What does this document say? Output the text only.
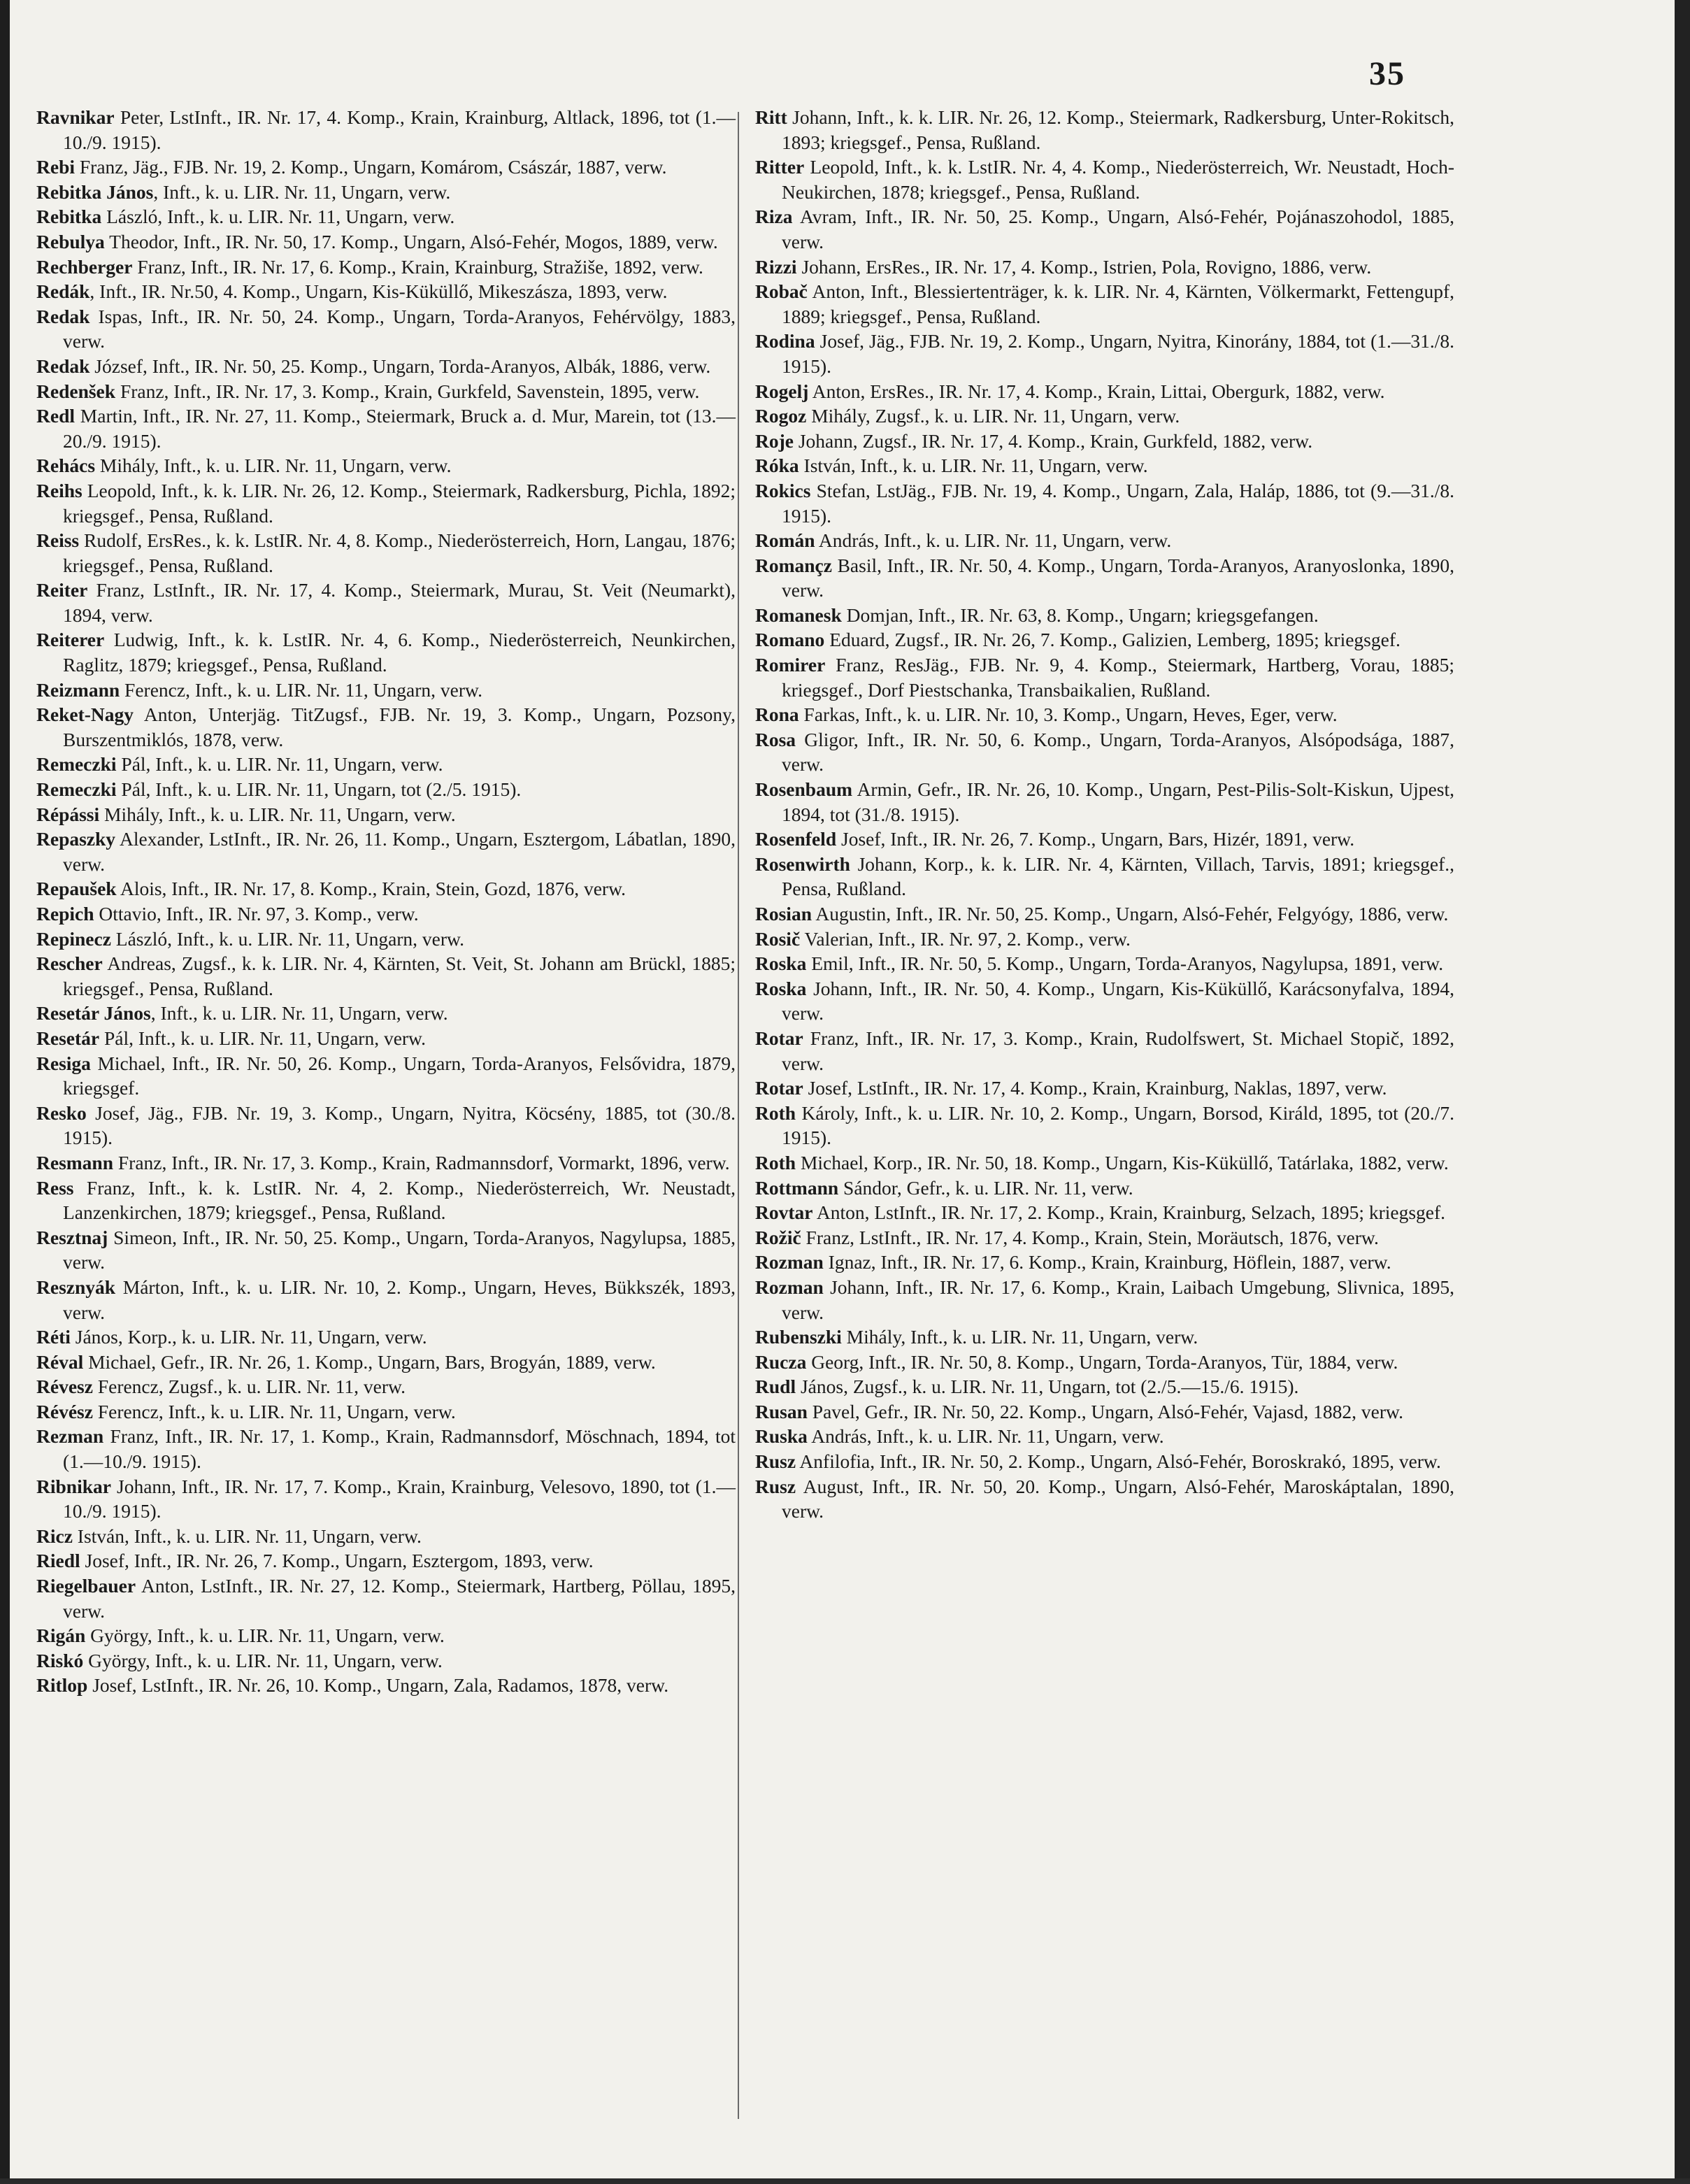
35

Ravnikar Peter, LstInft., IR. Nr. 17, 4. Komp., Krain, Krainburg, Altlack, 1896, tot (1.—10./9. 1915).

Rebi Franz, Jäg., FJB. Nr. 19, 2. Komp., Ungarn, Komárom, Császár, 1887, verw.

Rebitka János, Inft., k. u. LIR. Nr. 11, Ungarn, verw.

Rebitka László, Inft., k. u. LIR. Nr. 11, Ungarn, verw.

Rebulya Theodor, Inft., IR. Nr. 50, 17. Komp., Ungarn, Alsó-Fehér, Mogos, 1889, verw.

Rechberger Franz, Inft., IR. Nr. 17, 6. Komp., Krain, Krainburg, Stražiše, 1892, verw.

Redák, Inft., IR. Nr.50, 4. Komp., Ungarn, Kis-Küküllő, Mikeszásza, 1893, verw.

Redak Ispas, Inft., IR. Nr. 50, 24. Komp., Ungarn, Torda-Aranyos, Fehérvölgy, 1883, verw.

Redak József, Inft., IR. Nr. 50, 25. Komp., Ungarn, Torda-Aranyos, Albák, 1886, verw.

Redenšek Franz, Inft., IR. Nr. 17, 3. Komp., Krain, Gurkfeld, Savenstein, 1895, verw.

Redl Martin, Inft., IR. Nr. 27, 11. Komp., Steiermark, Bruck a. d. Mur, Marein, tot (13.—20./9. 1915).

Rehács Mihály, Inft., k. u. LIR. Nr. 11, Ungarn, verw.

Reihs Leopold, Inft., k. k. LIR. Nr. 26, 12. Komp., Steiermark, Radkersburg, Pichla, 1892; kriegsgef., Pensa, Rußland.

Reiss Rudolf, ErsRes., k. k. LstIR. Nr. 4, 8. Komp., Niederösterreich, Horn, Langau, 1876; kriegsgef., Pensa, Rußland.

Reiter Franz, LstInft., IR. Nr. 17, 4. Komp., Steiermark, Murau, St. Veit (Neumarkt), 1894, verw.

Reiterer Ludwig, Inft., k. k. LstIR. Nr. 4, 6. Komp., Niederösterreich, Neunkirchen, Raglitz, 1879; kriegsgef., Pensa, Rußland.

Reizmann Ferencz, Inft., k. u. LIR. Nr. 11, Ungarn, verw.

Reket-Nagy Anton, Unterjäg. TitZugsf., FJB. Nr. 19, 3. Komp., Ungarn, Pozsony, Burszentmiklós, 1878, verw.

Remeczki Pál, Inft., k. u. LIR. Nr. 11, Ungarn, verw.

Remeczki Pál, Inft., k. u. LIR. Nr. 11, Ungarn, tot (2./5. 1915).

Répássi Mihály, Inft., k. u. LIR. Nr. 11, Ungarn, verw.

Repaszky Alexander, LstInft., IR. Nr. 26, 11. Komp., Ungarn, Esztergom, Lábatlan, 1890, verw.

Repaušek Alois, Inft., IR. Nr. 17, 8. Komp., Krain, Stein, Gozd, 1876, verw.

Repich Ottavio, Inft., IR. Nr. 97, 3. Komp., verw.

Repinecz László, Inft., k. u. LIR. Nr. 11, Ungarn, verw.

Rescher Andreas, Zugsf., k. k. LIR. Nr. 4, Kärnten, St. Veit, St. Johann am Brückl, 1885; kriegsgef., Pensa, Rußland.

Resetár János, Inft., k. u. LIR. Nr. 11, Ungarn, verw.

Resetár Pál, Inft., k. u. LIR. Nr. 11, Ungarn, verw.

Resiga Michael, Inft., IR. Nr. 50, 26. Komp., Ungarn, Torda-Aranyos, Felsővidra, 1879, kriegsgef.

Resko Josef, Jäg., FJB. Nr. 19, 3. Komp., Ungarn, Nyitra, Köcsény, 1885, tot (30./8. 1915).

Resmann Franz, Inft., IR. Nr. 17, 3. Komp., Krain, Radmannsdorf, Vormarkt, 1896, verw.

Ress Franz, Inft., k. k. LstIR. Nr. 4, 2. Komp., Niederösterreich, Wr. Neustadt, Lanzenkirchen, 1879; kriegsgef., Pensa, Rußland.

Resztnaj Simeon, Inft., IR. Nr. 50, 25. Komp., Ungarn, Torda-Aranyos, Nagylupsa, 1885, verw.

Resznyák Márton, Inft., k. u. LIR. Nr. 10, 2. Komp., Ungarn, Heves, Bükkszék, 1893, verw.

Réti János, Korp., k. u. LIR. Nr. 11, Ungarn, verw.

Réval Michael, Gefr., IR. Nr. 26, 1. Komp., Ungarn, Bars, Brogyán, 1889, verw.

Révesz Ferencz, Zugsf., k. u. LIR. Nr. 11, verw.

Révész Ferencz, Inft., k. u. LIR. Nr. 11, Ungarn, verw.

Rezman Franz, Inft., IR. Nr. 17, 1. Komp., Krain, Radmannsdorf, Möschnach, 1894, tot (1.—10./9. 1915).

Ribnikar Johann, Inft., IR. Nr. 17, 7. Komp., Krain, Krainburg, Velesovo, 1890, tot (1.—10./9. 1915).

Ricz István, Inft., k. u. LIR. Nr. 11, Ungarn, verw.

Riedl Josef, Inft., IR. Nr. 26, 7. Komp., Ungarn, Esztergom, 1893, verw.

Riegelbauer Anton, LstInft., IR. Nr. 27, 12. Komp., Steiermark, Hartberg, Pöllau, 1895, verw.

Rigán György, Inft., k. u. LIR. Nr. 11, Ungarn, verw.

Riskó György, Inft., k. u. LIR. Nr. 11, Ungarn, verw.

Ritlop Josef, LstInft., IR. Nr. 26, 10. Komp., Ungarn, Zala, Radamos, 1878, verw.

Ritt Johann, Inft., k. k. LIR. Nr. 26, 12. Komp., Steiermark, Radkersburg, Unter-Rokitsch, 1893; kriegsgef., Pensa, Rußland.

Ritter Leopold, Inft., k. k. LstIR. Nr. 4, 4. Komp., Niederösterreich, Wr. Neustadt, Hoch-Neukirchen, 1878; kriegsgef., Pensa, Rußland.

Riza Avram, Inft., IR. Nr. 50, 25. Komp., Ungarn, Alsó-Fehér, Pojánaszohodol, 1885, verw.

Rizzi Johann, ErsRes., IR. Nr. 17, 4. Komp., Istrien, Pola, Rovigno, 1886, verw.

Robač Anton, Inft., Blessiertenträger, k. k. LIR. Nr. 4, Kärnten, Völkermarkt, Fettengupf, 1889; kriegsgef., Pensa, Rußland.

Rodina Josef, Jäg., FJB. Nr. 19, 2. Komp., Ungarn, Nyitra, Kinorány, 1884, tot (1.—31./8. 1915).

Rogelj Anton, ErsRes., IR. Nr. 17, 4. Komp., Krain, Littai, Obergurk, 1882, verw.

Rogoz Mihály, Zugsf., k. u. LIR. Nr. 11, Ungarn, verw.

Roje Johann, Zugsf., IR. Nr. 17, 4. Komp., Krain, Gurkfeld, 1882, verw.

Róka István, Inft., k. u. LIR. Nr. 11, Ungarn, verw.

Rokics Stefan, LstJäg., FJB. Nr. 19, 4. Komp., Ungarn, Zala, Haláp, 1886, tot (9.—31./8. 1915).

Román András, Inft., k. u. LIR. Nr. 11, Ungarn, verw.

Romançz Basil, Inft., IR. Nr. 50, 4. Komp., Ungarn, Torda-Aranyos, Aranyoslonka, 1890, verw.

Romanesk Domjan, Inft., IR. Nr. 63, 8. Komp., Ungarn; kriegsgefangen.

Romano Eduard, Zugsf., IR. Nr. 26, 7. Komp., Galizien, Lemberg, 1895; kriegsgef.

Romirer Franz, ResJäg., FJB. Nr. 9, 4. Komp., Steiermark, Hartberg, Vorau, 1885; kriegsgef., Dorf Piestschanka, Transbaikalien, Rußland.

Rona Farkas, Inft., k. u. LIR. Nr. 10, 3. Komp., Ungarn, Heves, Eger, verw.

Rosa Gligor, Inft., IR. Nr. 50, 6. Komp., Ungarn, Torda-Aranyos, Alsópodsága, 1887, verw.

Rosenbaum Armin, Gefr., IR. Nr. 26, 10. Komp., Ungarn, Pest-Pilis-Solt-Kiskun, Ujpest, 1894, tot (31./8. 1915).

Rosenfeld Josef, Inft., IR. Nr. 26, 7. Komp., Ungarn, Bars, Hizér, 1891, verw.

Rosenwirth Johann, Korp., k. k. LIR. Nr. 4, Kärnten, Villach, Tarvis, 1891; kriegsgef., Pensa, Rußland.

Rosian Augustin, Inft., IR. Nr. 50, 25. Komp., Ungarn, Alsó-Fehér, Felgyógy, 1886, verw.

Rosič Valerian, Inft., IR. Nr. 97, 2. Komp., verw.

Roska Emil, Inft., IR. Nr. 50, 5. Komp., Ungarn, Torda-Aranyos, Nagylupsa, 1891, verw.

Roska Johann, Inft., IR. Nr. 50, 4. Komp., Ungarn, Kis-Küküllő, Karácsonyfalva, 1894, verw.

Rotar Franz, Inft., IR. Nr. 17, 3. Komp., Krain, Rudolfswert, St. Michael Stopič, 1892, verw.

Rotar Josef, LstInft., IR. Nr. 17, 4. Komp., Krain, Krainburg, Naklas, 1897, verw.

Roth Károly, Inft., k. u. LIR. Nr. 10, 2. Komp., Ungarn, Borsod, Királd, 1895, tot (20./7. 1915).

Roth Michael, Korp., IR. Nr. 50, 18. Komp., Ungarn, Kis-Küküllő, Tatárlaka, 1882, verw.

Rottmann Sándor, Gefr., k. u. LIR. Nr. 11, verw.

Rovtar Anton, LstInft., IR. Nr. 17, 2. Komp., Krain, Krainburg, Selzach, 1895; kriegsgef.

Rožič Franz, LstInft., IR. Nr. 17, 4. Komp., Krain, Stein, Moräutsch, 1876, verw.

Rozman Ignaz, Inft., IR. Nr. 17, 6. Komp., Krain, Krainburg, Höflein, 1887, verw.

Rozman Johann, Inft., IR. Nr. 17, 6. Komp., Krain, Laibach Umgebung, Slivnica, 1895, verw.

Rubenszki Mihály, Inft., k. u. LIR. Nr. 11, Ungarn, verw.

Rucza Georg, Inft., IR. Nr. 50, 8. Komp., Ungarn, Torda-Aranyos, Tür, 1884, verw.

Rudl János, Zugsf., k. u. LIR. Nr. 11, Ungarn, tot (2./5.—15./6. 1915).

Rusan Pavel, Gefr., IR. Nr. 50, 22. Komp., Ungarn, Alsó-Fehér, Vajasd, 1882, verw.

Ruska András, Inft., k. u. LIR. Nr. 11, Ungarn, verw.

Rusz Anfilofia, Inft., IR. Nr. 50, 2. Komp., Ungarn, Alsó-Fehér, Boroskrakó, 1895, verw.

Rusz August, Inft., IR. Nr. 50, 20. Komp., Ungarn, Alsó-Fehér, Maroskáptalan, 1890, verw.
